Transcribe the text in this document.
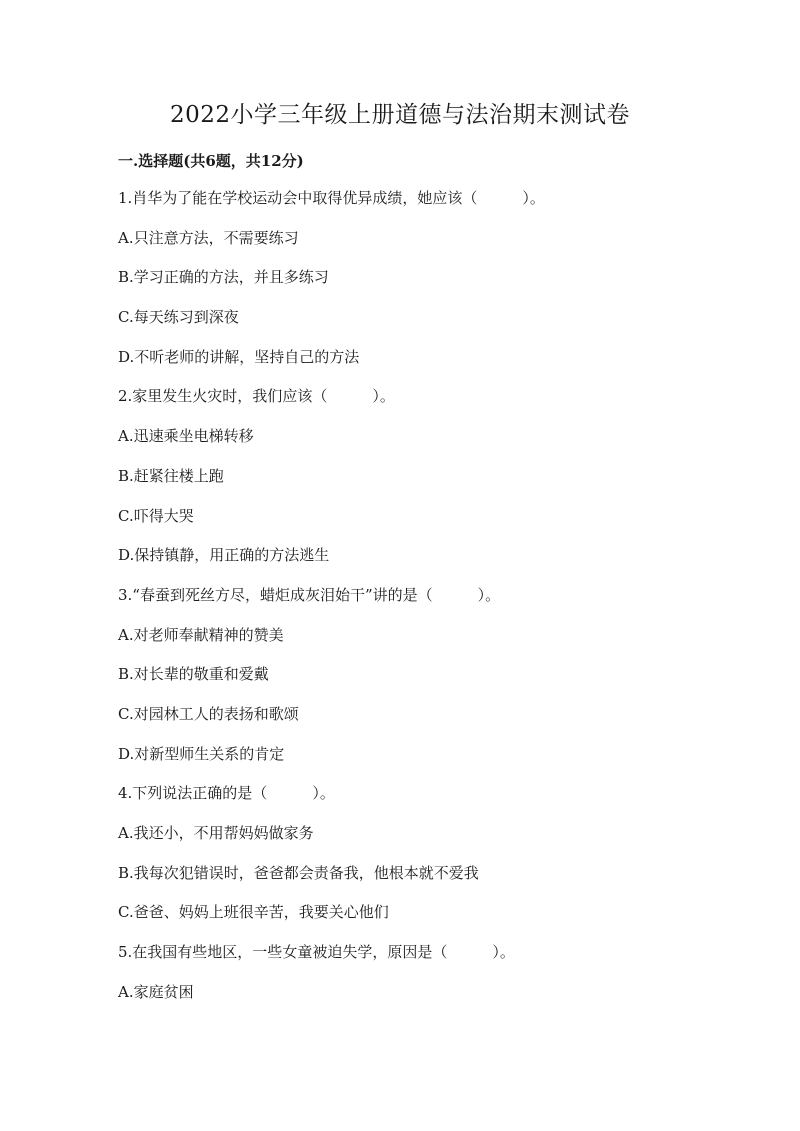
2022小学三年级上册道德与法治期末测试卷
一.选择题(共6题，共12分)
1.肖华为了能在学校运动会中取得优异成绩，她应该（　　　）。
A.只注意方法，不需要练习
B.学习正确的方法，并且多练习
C.每天练习到深夜
D.不听老师的讲解，坚持自己的方法
2.家里发生火灾时，我们应该（　　　）。
A.迅速乘坐电梯转移
B.赶紧往楼上跑
C.吓得大哭
D.保持镇静，用正确的方法逃生
3.“春蚕到死丝方尽，蜡炬成灰泪始干”讲的是（　　　）。
A.对老师奉献精神的赞美
B.对长辈的敬重和爱戴
C.对园林工人的表扬和歌颂
D.对新型师生关系的肯定
4.下列说法正确的是（　　　）。
A.我还小，不用帮妈妈做家务
B.我每次犯错误时，爸爸都会责备我，他根本就不爱我
C.爸爸、妈妈上班很辛苦，我要关心他们
5.在我国有些地区，一些女童被迫失学，原因是（　　　）。
A.家庭贫困
